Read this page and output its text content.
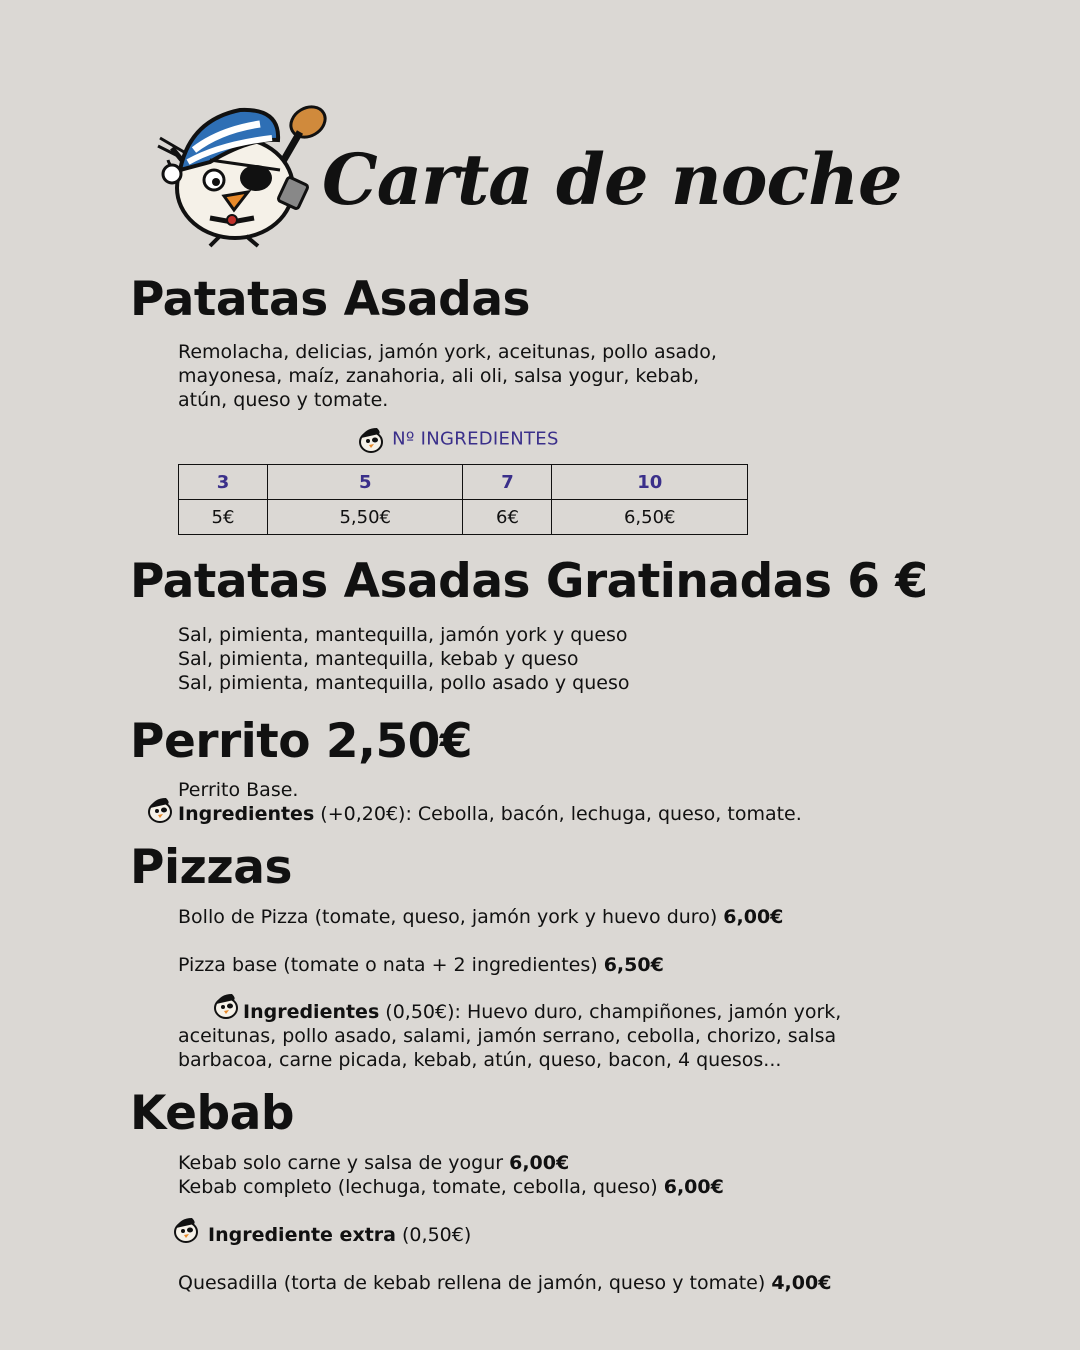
Carta de noche
Patatas Asadas
Remolacha, delicias, jamón york, aceitunas, pollo asado,
mayonesa, maíz, zanahoria, ali oli, salsa yogur, kebab,
atún, queso y tomate.
Nº INGREDIENTES
3	5	7	10
5€	5,50€	6€	6,50€
Patatas Asadas Gratinadas 6 €
Sal, pimienta, mantequilla, jamón york y queso
Sal, pimienta, mantequilla, kebab y queso
Sal, pimienta, mantequilla, pollo asado y queso
Perrito 2,50€
Perrito Base.
Ingredientes (+0,20€): Cebolla, bacón, lechuga, queso, tomate.
Pizzas
Bollo de Pizza (tomate, queso, jamón york y huevo duro) 6,00€
Pizza base (tomate o nata + 2 ingredientes) 6,50€
Ingredientes (0,50€): Huevo duro, champiñones, jamón york,
aceitunas, pollo asado, salami, jamón serrano, cebolla, chorizo, salsa
barbacoa, carne picada, kebab, atún, queso, bacon, 4 quesos...
Kebab
Kebab solo carne y salsa de yogur 6,00€
Kebab completo (lechuga, tomate, cebolla, queso) 6,00€
Ingrediente extra (0,50€)
Quesadilla (torta de kebab rellena de jamón, queso y tomate) 4,00€
